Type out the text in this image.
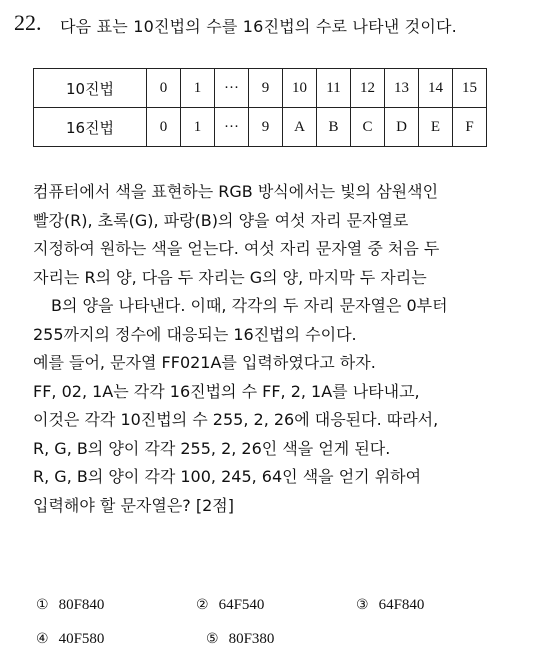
22. 다음 표는 10진법의 수를 16진법의 수로 나타낸 것이다.
10진법	0	1	···	9	10	11	12	13	14	15
16진법	0	1	···	9	A	B	C	D	E	F
컴퓨터에서 색을 표현하는 RGB 방식에서는 빛의 삼원색인
빨강(R), 초록(G), 파랑(B)의 양을 여섯 자리 문자열로
지정하여 원하는 색을 얻는다. 여섯 자리 문자열 중 처음 두
자리는 R의 양, 다음 두 자리는 G의 양, 마지막 두 자리는
B의 양을 나타낸다. 이때, 각각의 두 자리 문자열은 0부터
255까지의 정수에 대응되는 16진법의 수이다.
예를 들어, 문자열 FF021A를 입력하였다고 하자.
FF, 02, 1A는 각각 16진법의 수 FF, 2, 1A를 나타내고,
이것은 각각 10진법의 수 255, 2, 26에 대응된다. 따라서,
R, G, B의 양이 각각 255, 2, 26인 색을 얻게 된다.
R, G, B의 양이 각각 100, 245, 64인 색을 얻기 위하여
입력해야 할 문자열은? [2점]
① 80F840	② 64F540	③ 64F840
④ 40F580	⑤ 80F380
